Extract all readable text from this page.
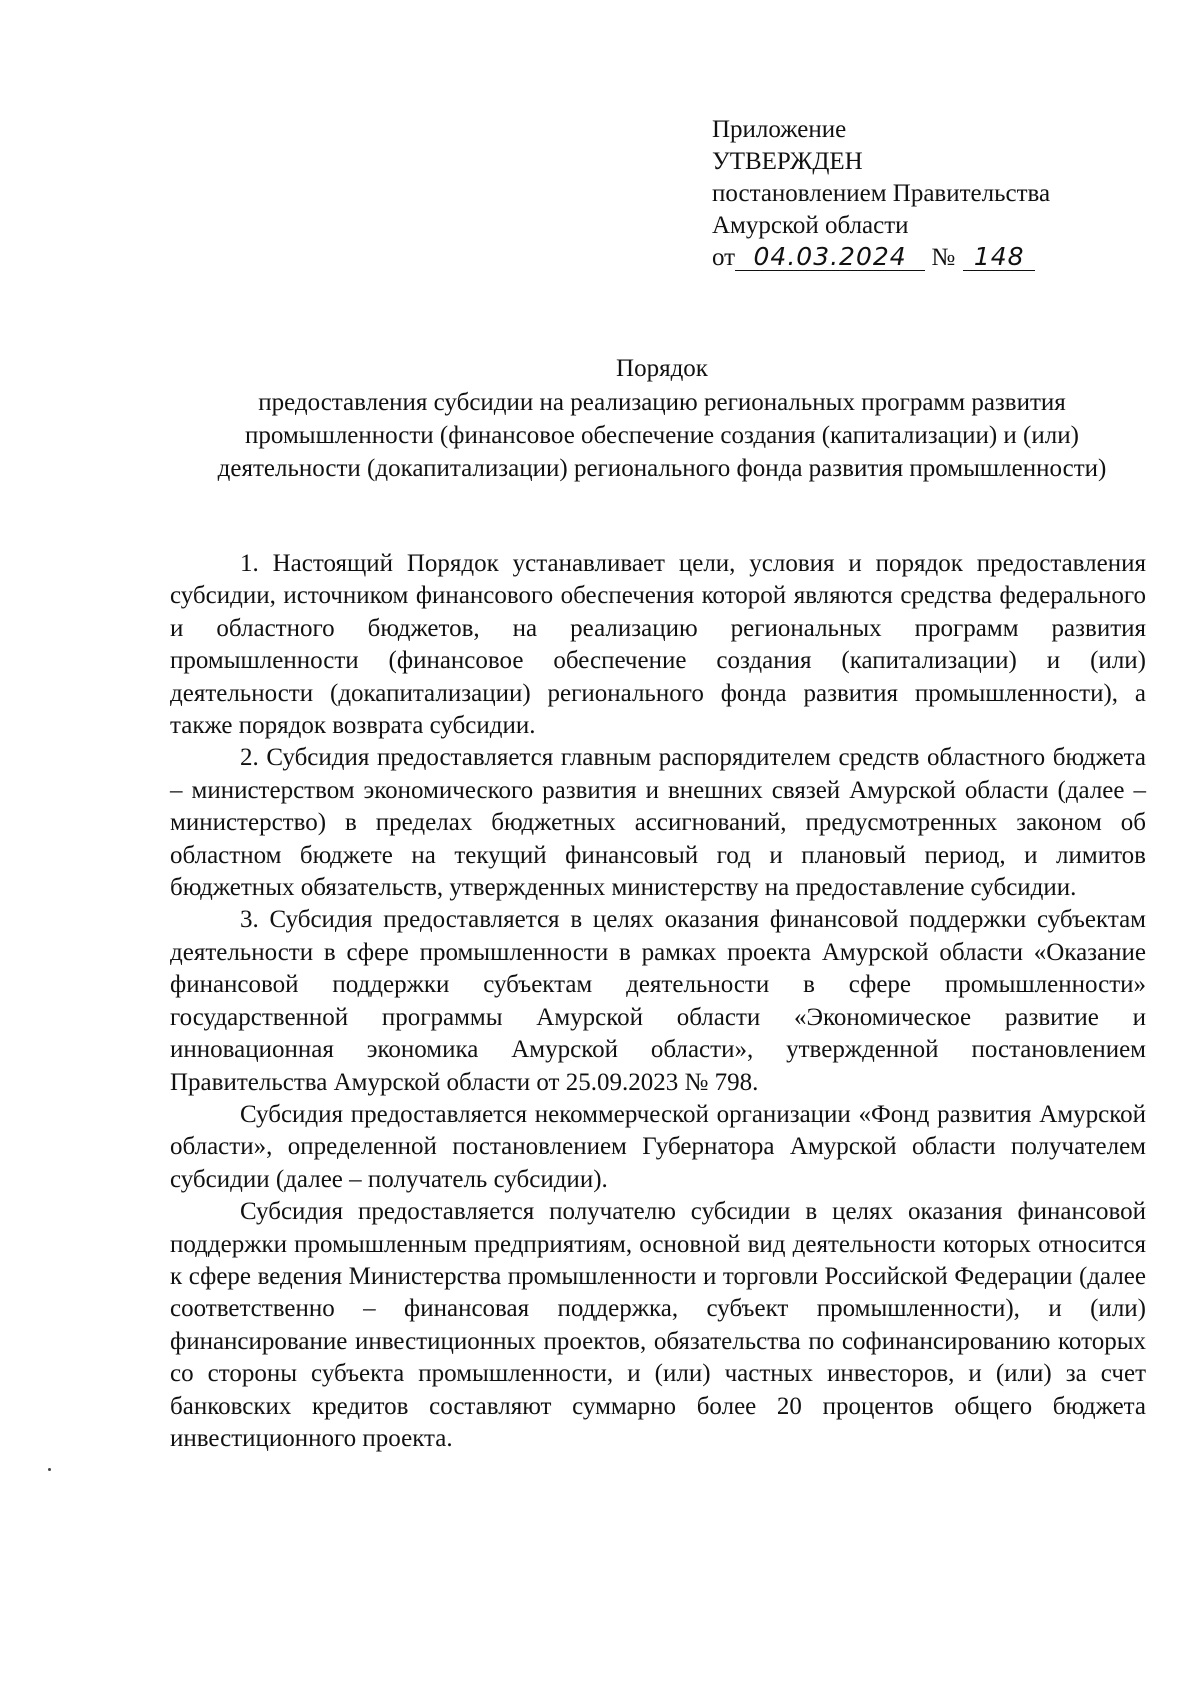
Приложение
УТВЕРЖДЕН
постановлением Правительства
Амурской области
от 04.03.2024 № 148
Порядок
предоставления субсидии на реализацию региональных программ развития промышленности (финансовое обеспечение создания (капитализации) и (или) деятельности (докапитализации) регионального фонда развития промышленности)

1. Настоящий Порядок устанавливает цели, условия и порядок предоставления субсидии, источником финансового обеспечения которой являются средства федерального и областного бюджетов, на реализацию региональных программ развития промышленности (финансовое обеспечение создания (капитализации) и (или) деятельности (докапитализации) регионального фонда развития промышленности), а также порядок возврата субсидии.

2. Субсидия предоставляется главным распорядителем средств областного бюджета – министерством экономического развития и внешних связей Амурской области (далее – министерство) в пределах бюджетных ассигнований, предусмотренных законом об областном бюджете на текущий финансовый год и плановый период, и лимитов бюджетных обязательств, утвержденных министерству на предоставление субсидии.

3. Субсидия предоставляется в целях оказания финансовой поддержки субъектам деятельности в сфере промышленности в рамках проекта Амурской области «Оказание финансовой поддержки субъектам деятельности в сфере промышленности» государственной программы Амурской области «Экономическое развитие и инновационная экономика Амурской области», утвержденной постановлением Правительства Амурской области от 25.09.2023 № 798.

Субсидия предоставляется некоммерческой организации «Фонд развития Амурской области», определенной постановлением Губернатора Амурской области получателем субсидии (далее – получатель субсидии).

Субсидия предоставляется получателю субсидии в целях оказания финансовой поддержки промышленным предприятиям, основной вид деятельности которых относится к сфере ведения Министерства промышленности и торговли Российской Федерации (далее соответственно – финансовая поддержка, субъект промышленности), и (или) финансирование инвестиционных проектов, обязательства по софинансированию которых со стороны субъекта промышленности, и (или) частных инвесторов, и (или) за счет банковских кредитов составляют суммарно более 20 процентов общего бюджета инвестиционного проекта.
